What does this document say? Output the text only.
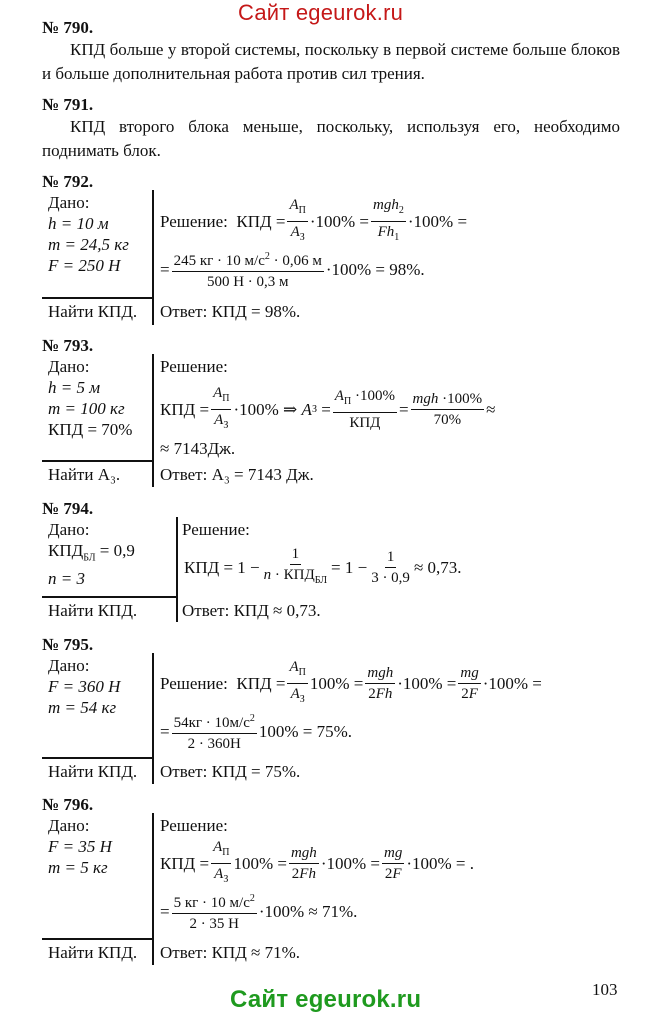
Сайт egeurok.ru
№ 790.
КПД больше у второй системы, поскольку в первой системе больше блоков и больше дополнительная работа против сил трения.
№ 791.
КПД второго блока меньше, поскольку, используя его, необходимо поднимать блок.
№ 792.
Дано:
h = 10 м
m = 24,5 кг
F = 250 Н
Найти КПД.
Решение: КПД = $\frac{A_П}{A_З} \cdot 100\% = \frac{mgh_2}{Fh_1} \cdot 100\%$ =
= $\frac{245 кг \cdot 10 м/с^2 \cdot 0,06 м}{500 Н \cdot 0,3 м} \cdot 100\% = 98\%$.
Ответ: КПД = 98%.
№ 793.
Дано:
h = 5 м
m = 100 кг
КПД = 70%
Найти A₃.
Решение:
КПД = $\frac{A_П}{A_З} \cdot 100\%$ ⇒ A $З = \frac{A_П \cdot 100\%}{\text{КПД}} = \frac{\text{mgh ·100\%}}{70\%}$ ≈
≈ 7143Дж.
Ответ: A₃ = 7143 Дж.
№ 794.
Дано:
$КПД_{БЛ} = 0,9$
n = 3
Найти КПД.
Решение:
КПД = $1 - \frac{1}{n \cdot КПД_{БЛ}} = 1 - \frac{1}{3 \cdot 0,9} \approx 0,73$.
Ответ: КПД ≈ 0,73.
№ 795.
Дано:
F = 360 Н
m = 54 кг
Найти КПД.
Решение: КПД = $\frac{A_П}{A_З} 100\% = \frac{\text{mgh}}{2Fh} \cdot 100\% = \frac{mg}{2F} \cdot 100\%$ =
= $\frac{54кг \cdot 10м/с^2}{2 \cdot 360Н} 100\% = 75\%$.
Ответ: КПД = 75%.
№ 796.
Дано:
F = 35 Н
m = 5 кг
Найти КПД.
Решение:
КПД = $\frac{A_П}{A_З} 100\% = \frac{\text{mgh}}{2Fh} \cdot 100\% = \frac{mg}{2F} \cdot 100\%$ = .
= $\frac{5 кг \cdot 10 м/с^2}{2 \cdot 35 Н} \cdot 100\% \approx 71\%$.
Ответ: КПД ≈ 71%.
103
Сайт egeurok.ru
